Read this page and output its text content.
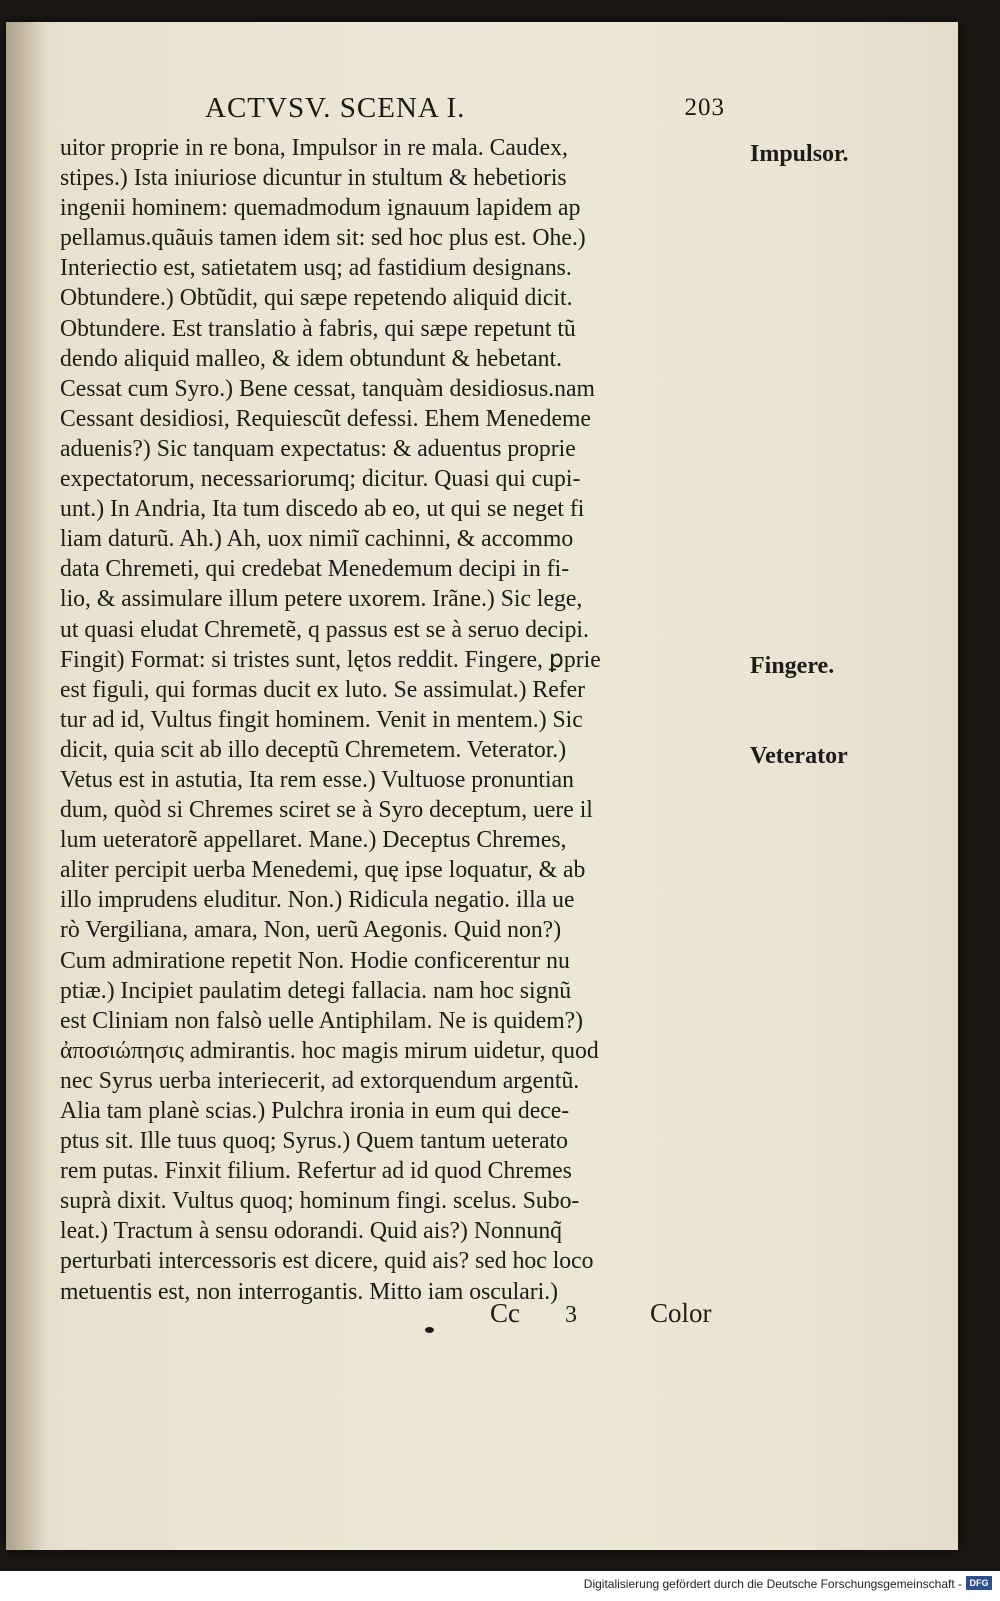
ACTVSV. SCENA I.	203
uitor proprie in re bona, Impulsor in re mala. Caudex,
stipes.) Ista iniuriose dicuntur in stultum & hebetioris
ingenii hominem: quemadmodum ignauum lapidem ap
pellamus.quãuis tamen idem sit: sed hoc plus est. Ohe.)
Interiectio est, satietatem usq; ad fastidium designans.
Obtundere.) Obtũdit, qui sæpe repetendo aliquid dicit.
Obtundere. Est translatio à fabris, qui sæpe repetunt tũ
dendo aliquid malleo, & idem obtundunt & hebetant.
Cessat cum Syro.) Bene cessat, tanquàm desidiosus.nam
Cessant desidiosi, Requiescũt defessi. Ehem Menedeme
aduenis?) Sic tanquam expectatus: & aduentus proprie
expectatorum, necessariorumq; dicitur. Quasi qui cupi-
unt.) In Andria, Ita tum discedo ab eo, ut qui se neget fi
liam daturũ. Ah.) Ah, uox nimiĩ cachinni, & accommo
data Chremeti, qui credebat Menedemum decipi in fi-
lio, & assimulare illum petere uxorem. Irãne.) Sic lege,
ut quasi eludat Chremetẽ, q passus est se à seruo decipi.
Fingit) Format: si tristes sunt, lętos reddit. Fingere, ꝑprie
est figuli, qui formas ducit ex luto. Se assimulat.) Refer
tur ad id, Vultus fingit hominem. Venit in mentem.) Sic
dicit, quia scit ab illo deceptũ Chremetem. Veterator.)
Vetus est in astutia, Ita rem esse.) Vultuose pronuntian
dum, quòd si Chremes sciret se à Syro deceptum, uere il
lum ueteratorẽ appellaret. Mane.) Deceptus Chremes,
aliter percipit uerba Menedemi, quę ipse loquatur, & ab
illo imprudens eluditur. Non.) Ridicula negatio. illa ue
rò Vergiliana, amara, Non, uerũ Aegonis. Quid non?)
Cum admiratione repetit Non. Hodie conficerentur nu
ptiæ.) Incipiet paulatim detegi fallacia. nam hoc signũ
est Cliniam non falsò uelle Antiphilam. Ne is quidem?)
ἀποσιώπησις admirantis. hoc magis mirum uidetur, quod
nec Syrus uerba interiecerit, ad extorquendum argentũ.
Alia tam planè scias.) Pulchra ironia in eum qui dece-
ptus sit. Ille tuus quoq; Syrus.) Quem tantum ueterato
rem putas. Finxit filium. Refertur ad id quod Chremes
suprà dixit. Vultus quoq; hominum fingi. scelus. Subo-
leat.) Tractum à sensu odorandi. Quid ais?) Nonnunq̃
perturbati intercessoris est dicere, quid ais? sed hoc loco
metuentis est, non interrogantis. Mitto iam osculari.)
Impulsor.
Fingere.
Veterator
Cc 3	Color
Digitalisierung gefördert durch die Deutsche Forschungsgemeinschaft - DFG
